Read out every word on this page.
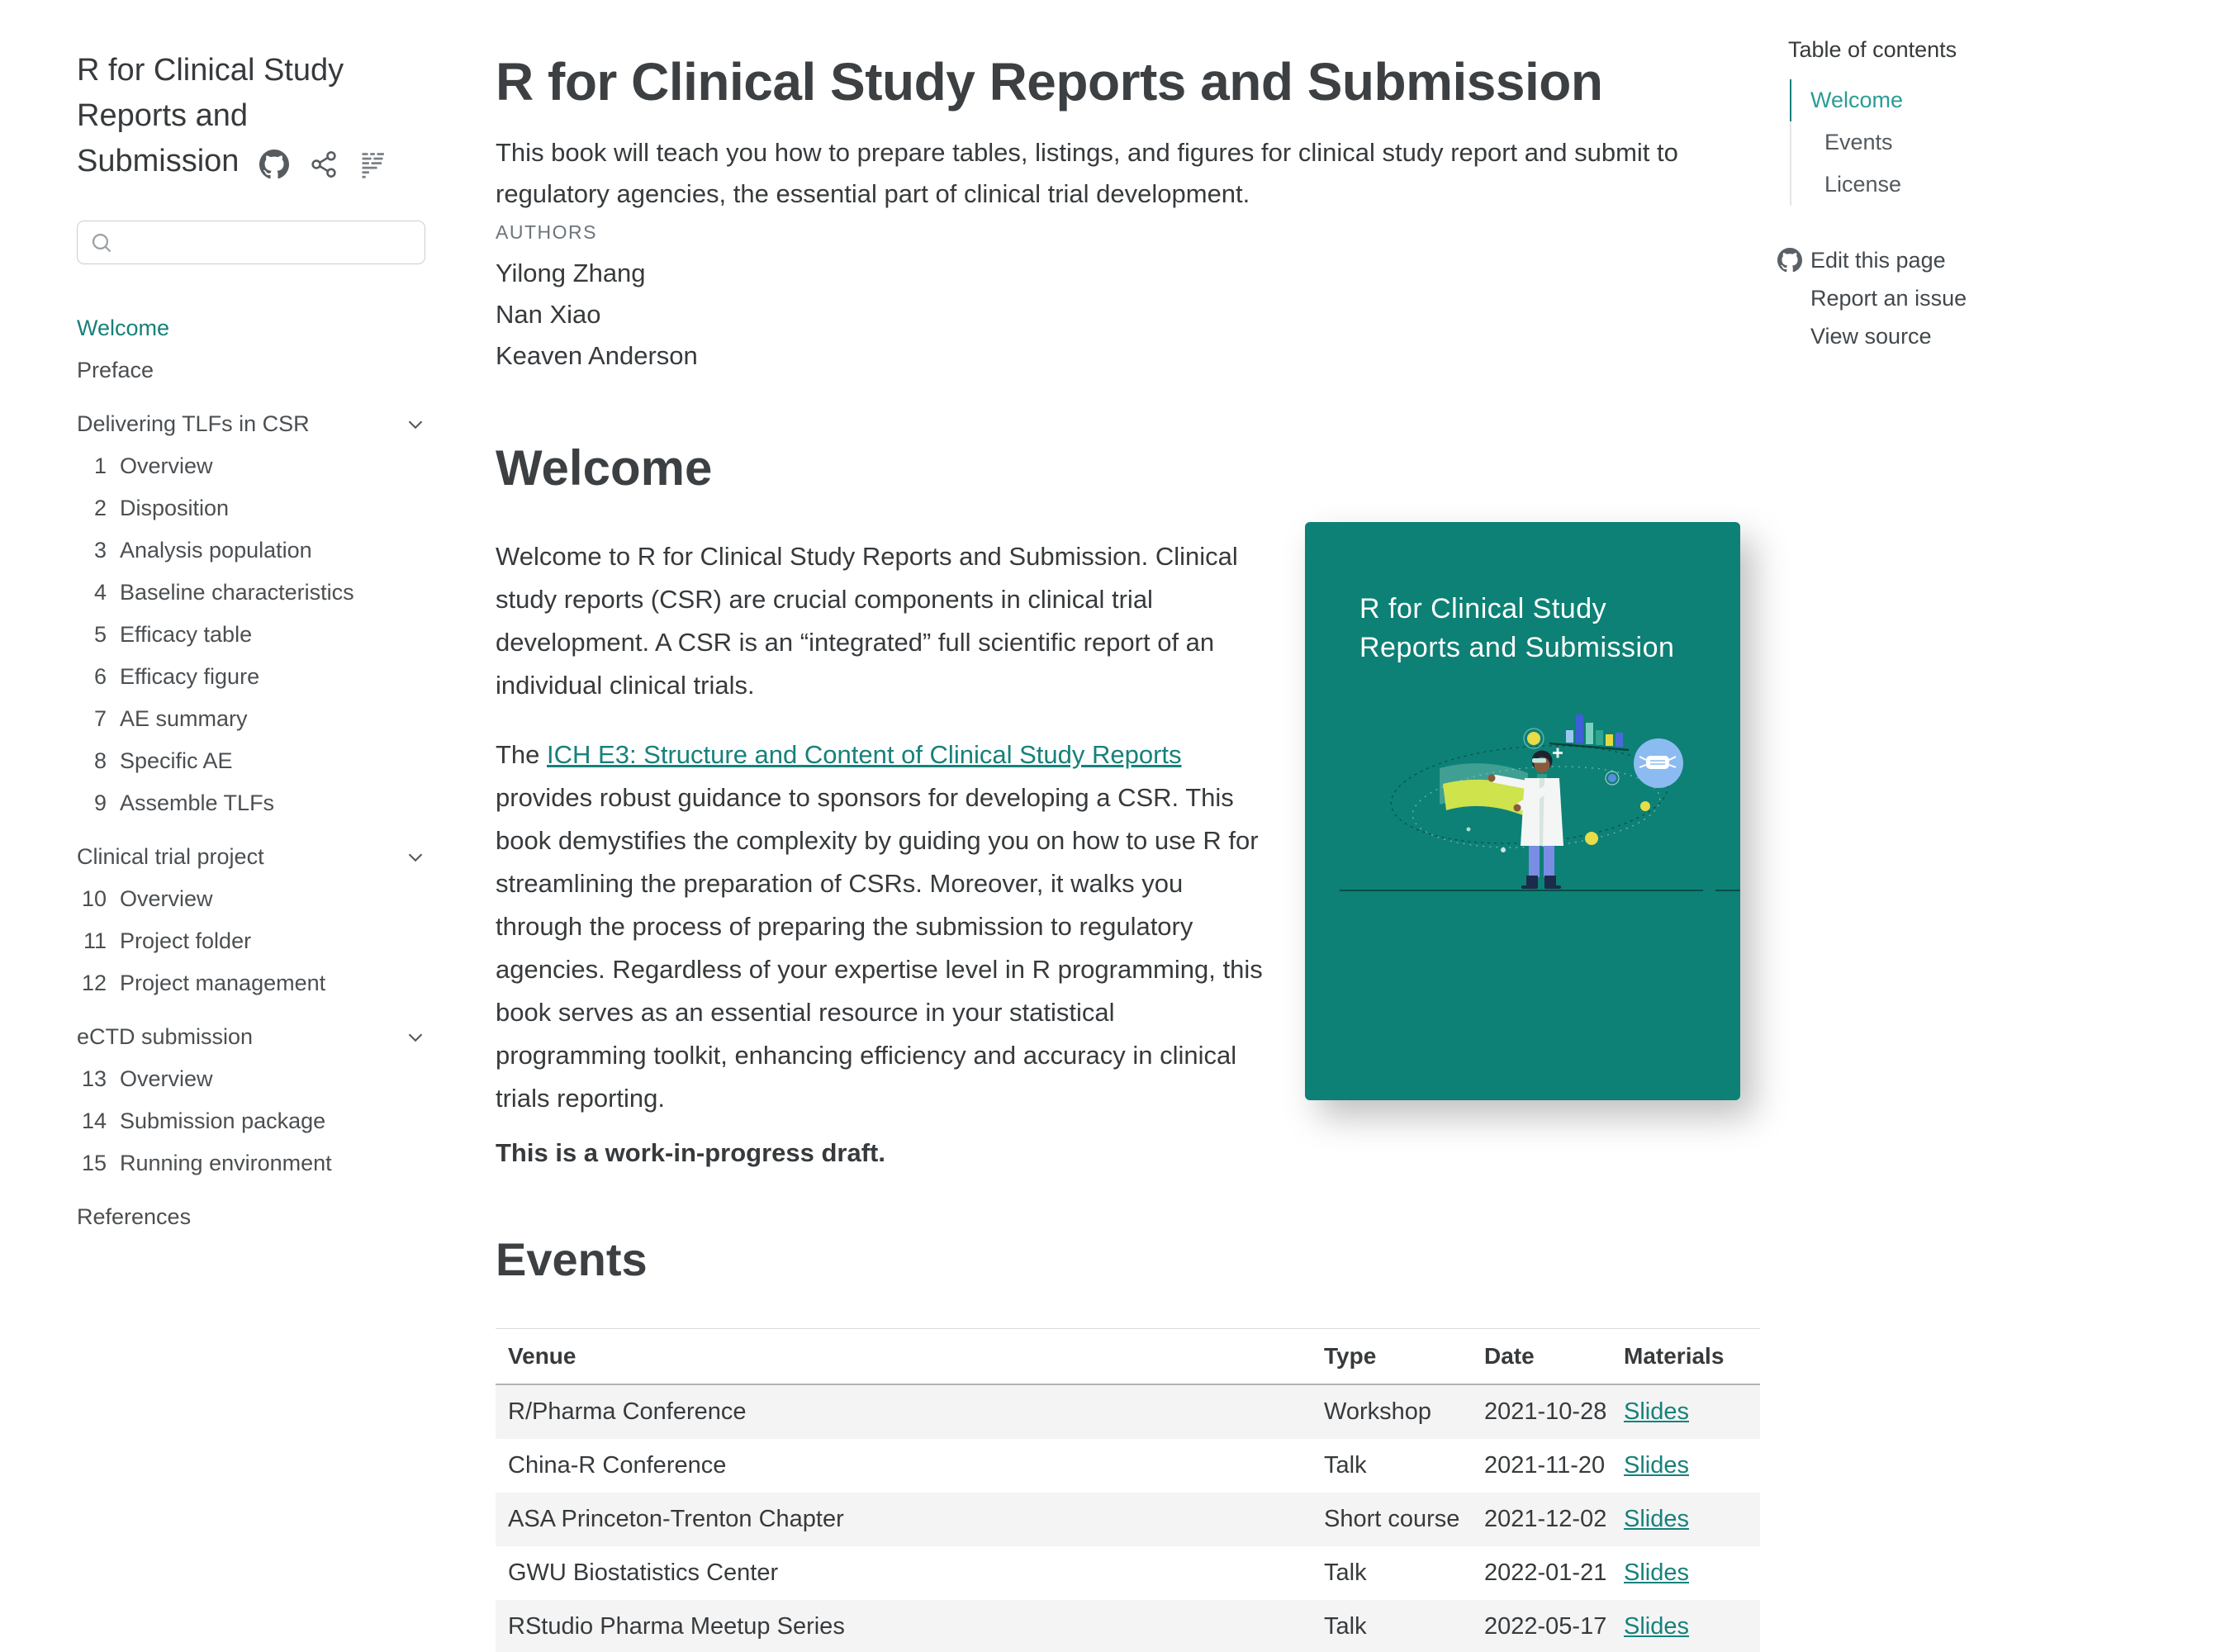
R for Clinical Study Reports and Submission
Welcome
Preface
Delivering TLFs in CSR
1 Overview
2 Disposition
3 Analysis population
4 Baseline characteristics
5 Efficacy table
6 Efficacy figure
7 AE summary
8 Specific AE
9 Assemble TLFs
Clinical trial project
10 Overview
11 Project folder
12 Project management
eCTD submission
13 Overview
14 Submission package
15 Running environment
References
R for Clinical Study Reports and Submission

This book will teach you how to prepare tables, listings, and figures for clinical study report and submit to regulatory agencies, the essential part of clinical trial development.

AUTHORS
Yilong Zhang
Nan Xiao
Keaven Anderson
Welcome
R for Clinical Study
Reports and Submission

Welcome to R for Clinical Study Reports and Submission. Clinical study reports (CSR) are crucial components in clinical trial development. A CSR is an “integrated” full scientific report of an individual clinical trials.

The ICH E3: Structure and Content of Clinical Study Reports provides robust guidance to sponsors for developing a CSR. This book demystifies the complexity by guiding you on how to use R for streamlining the preparation of CSRs. Moreover, it walks you through the process of preparing the submission to regulatory agencies. Regardless of your expertise level in R programming, this book serves as an essential resource in your statistical programming toolkit, enhancing efficiency and accuracy in clinical trials reporting.

This is a work-in-progress draft.

Events
Venue	Type	Date	Materials
R/Pharma Conference	Workshop	2021-10-28	Slides
China-R Conference	Talk	2021-11-20	Slides
ASA Princeton-Trenton Chapter	Short course	2021-12-02	Slides
GWU Biostatistics Center	Talk	2022-01-21	Slides
RStudio Pharma Meetup Series	Talk	2022-05-17	Slides
Table of contents
Welcome
Events
License
Edit this page
Report an issue
View source
